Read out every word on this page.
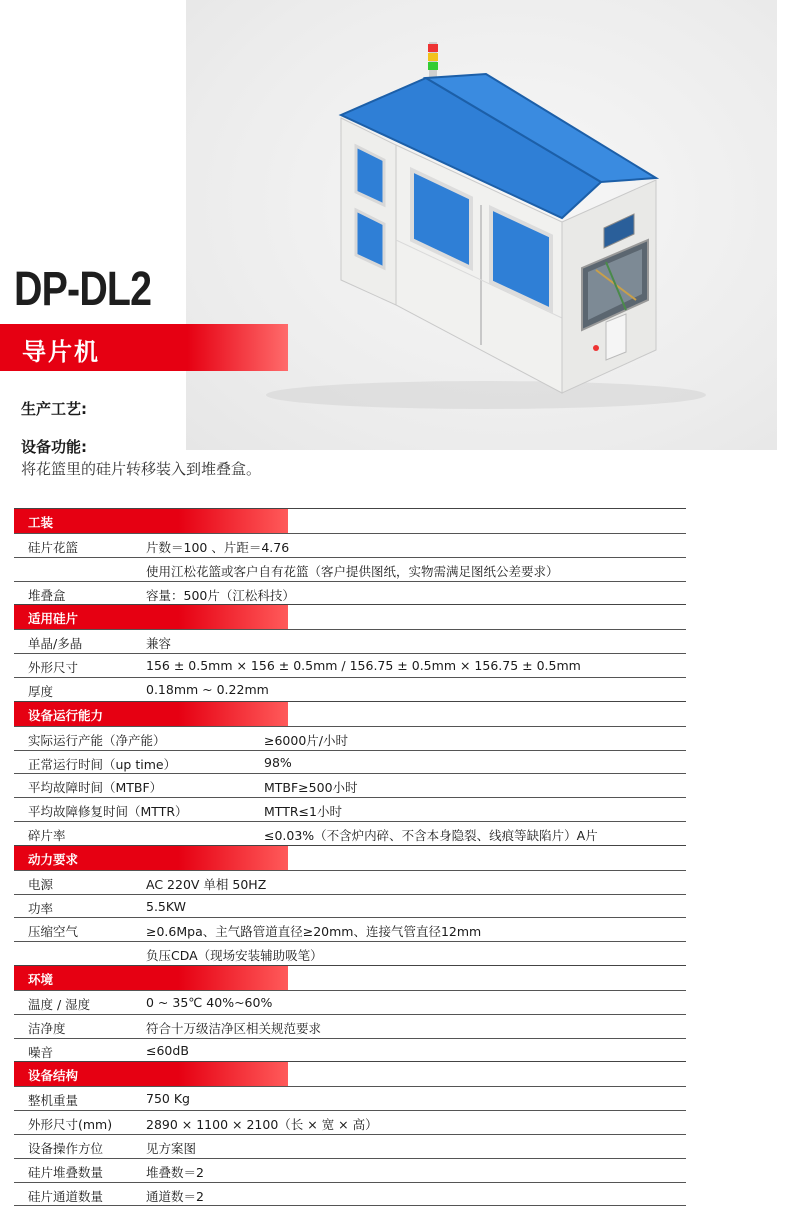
DP-DL2
导片机

生产工艺:

设备功能:

将花篮里的硅片转移装入到堆叠盒。

工装
硅片花篮	片数＝100 、片距＝4.76
使用江松花篮或客户自有花篮（客户提供图纸，实物需满足图纸公差要求）
堆叠盒	容量：500片（江松科技）
适用硅片
单晶/多晶	兼容
外形尺寸	156 ± 0.5mm × 156 ± 0.5mm / 156.75 ± 0.5mm × 156.75 ± 0.5mm
厚度	0.18mm ~ 0.22mm
设备运行能力
实际运行产能（净产能）	≥6000片/小时
正常运行时间（up time）	98%
平均故障时间（MTBF）	MTBF≥500小时
平均故障修复时间（MTTR）	MTTR≤1小时
碎片率	≤0.03%（不含炉内碎、不含本身隐裂、线痕等缺陷片）A片
动力要求
电源	AC 220V 单相 50HZ
功率	5.5KW
压缩空气	≥0.6Mpa、主气路管道直径≥20mm、连接气管直径12mm
负压CDA（现场安装辅助吸笔）
环境
温度 / 湿度	0 ~ 35℃ 40%~60%
洁净度	符合十万级洁净区相关规范要求
噪音	≤60dB
设备结构
整机重量	750 Kg
外形尺寸(mm)	2890 × 1100 × 2100（长 × 宽 × 高）
设备操作方位	见方案图
硅片堆叠数量	堆叠数＝2
硅片通道数量	通道数＝2
